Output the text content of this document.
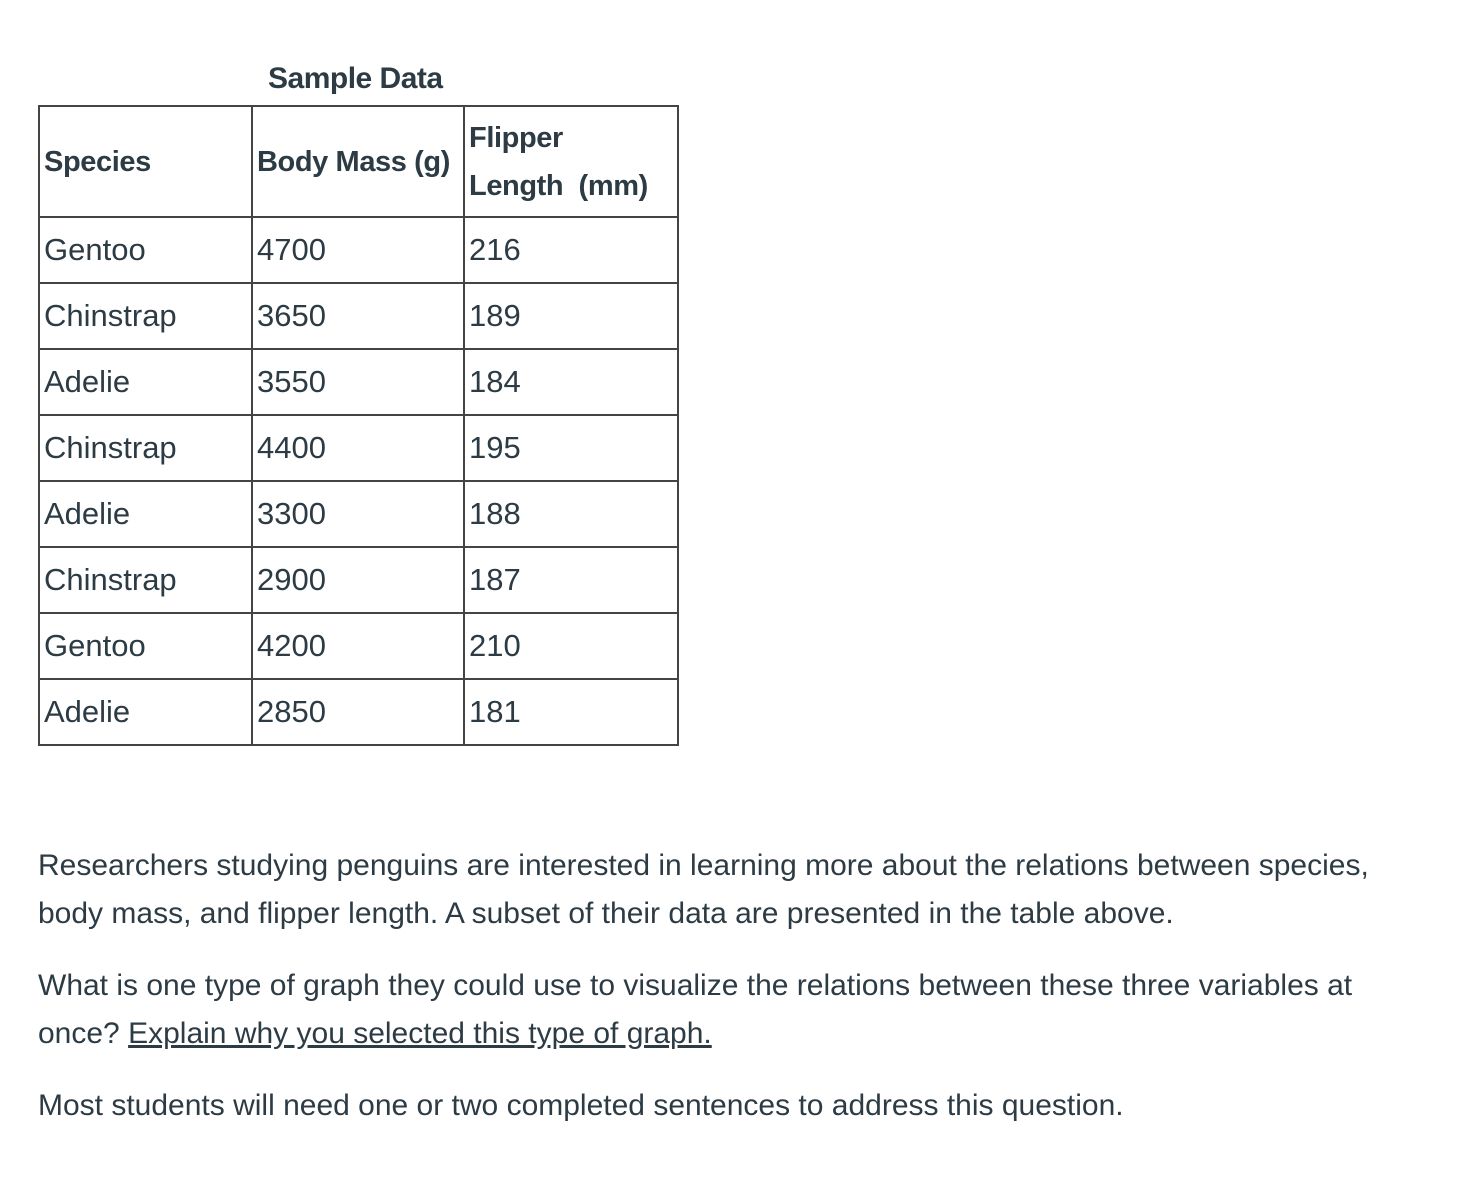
Sample Data
Species	Body Mass (g)	Flipper
Length  (mm)
Gentoo	4700	216
Chinstrap	3650	189
Adelie	3550	184
Chinstrap	4400	195
Adelie	3300	188
Chinstrap	2900	187
Gentoo	4200	210
Adelie	2850	181

Researchers studying penguins are interested in learning more about the relations between species, body mass, and flipper length. A subset of their data are presented in the table above.

What is one type of graph they could use to visualize the relations between these three variables at once? Explain why you selected this type of graph.

Most students will need one or two completed sentences to address this question.
